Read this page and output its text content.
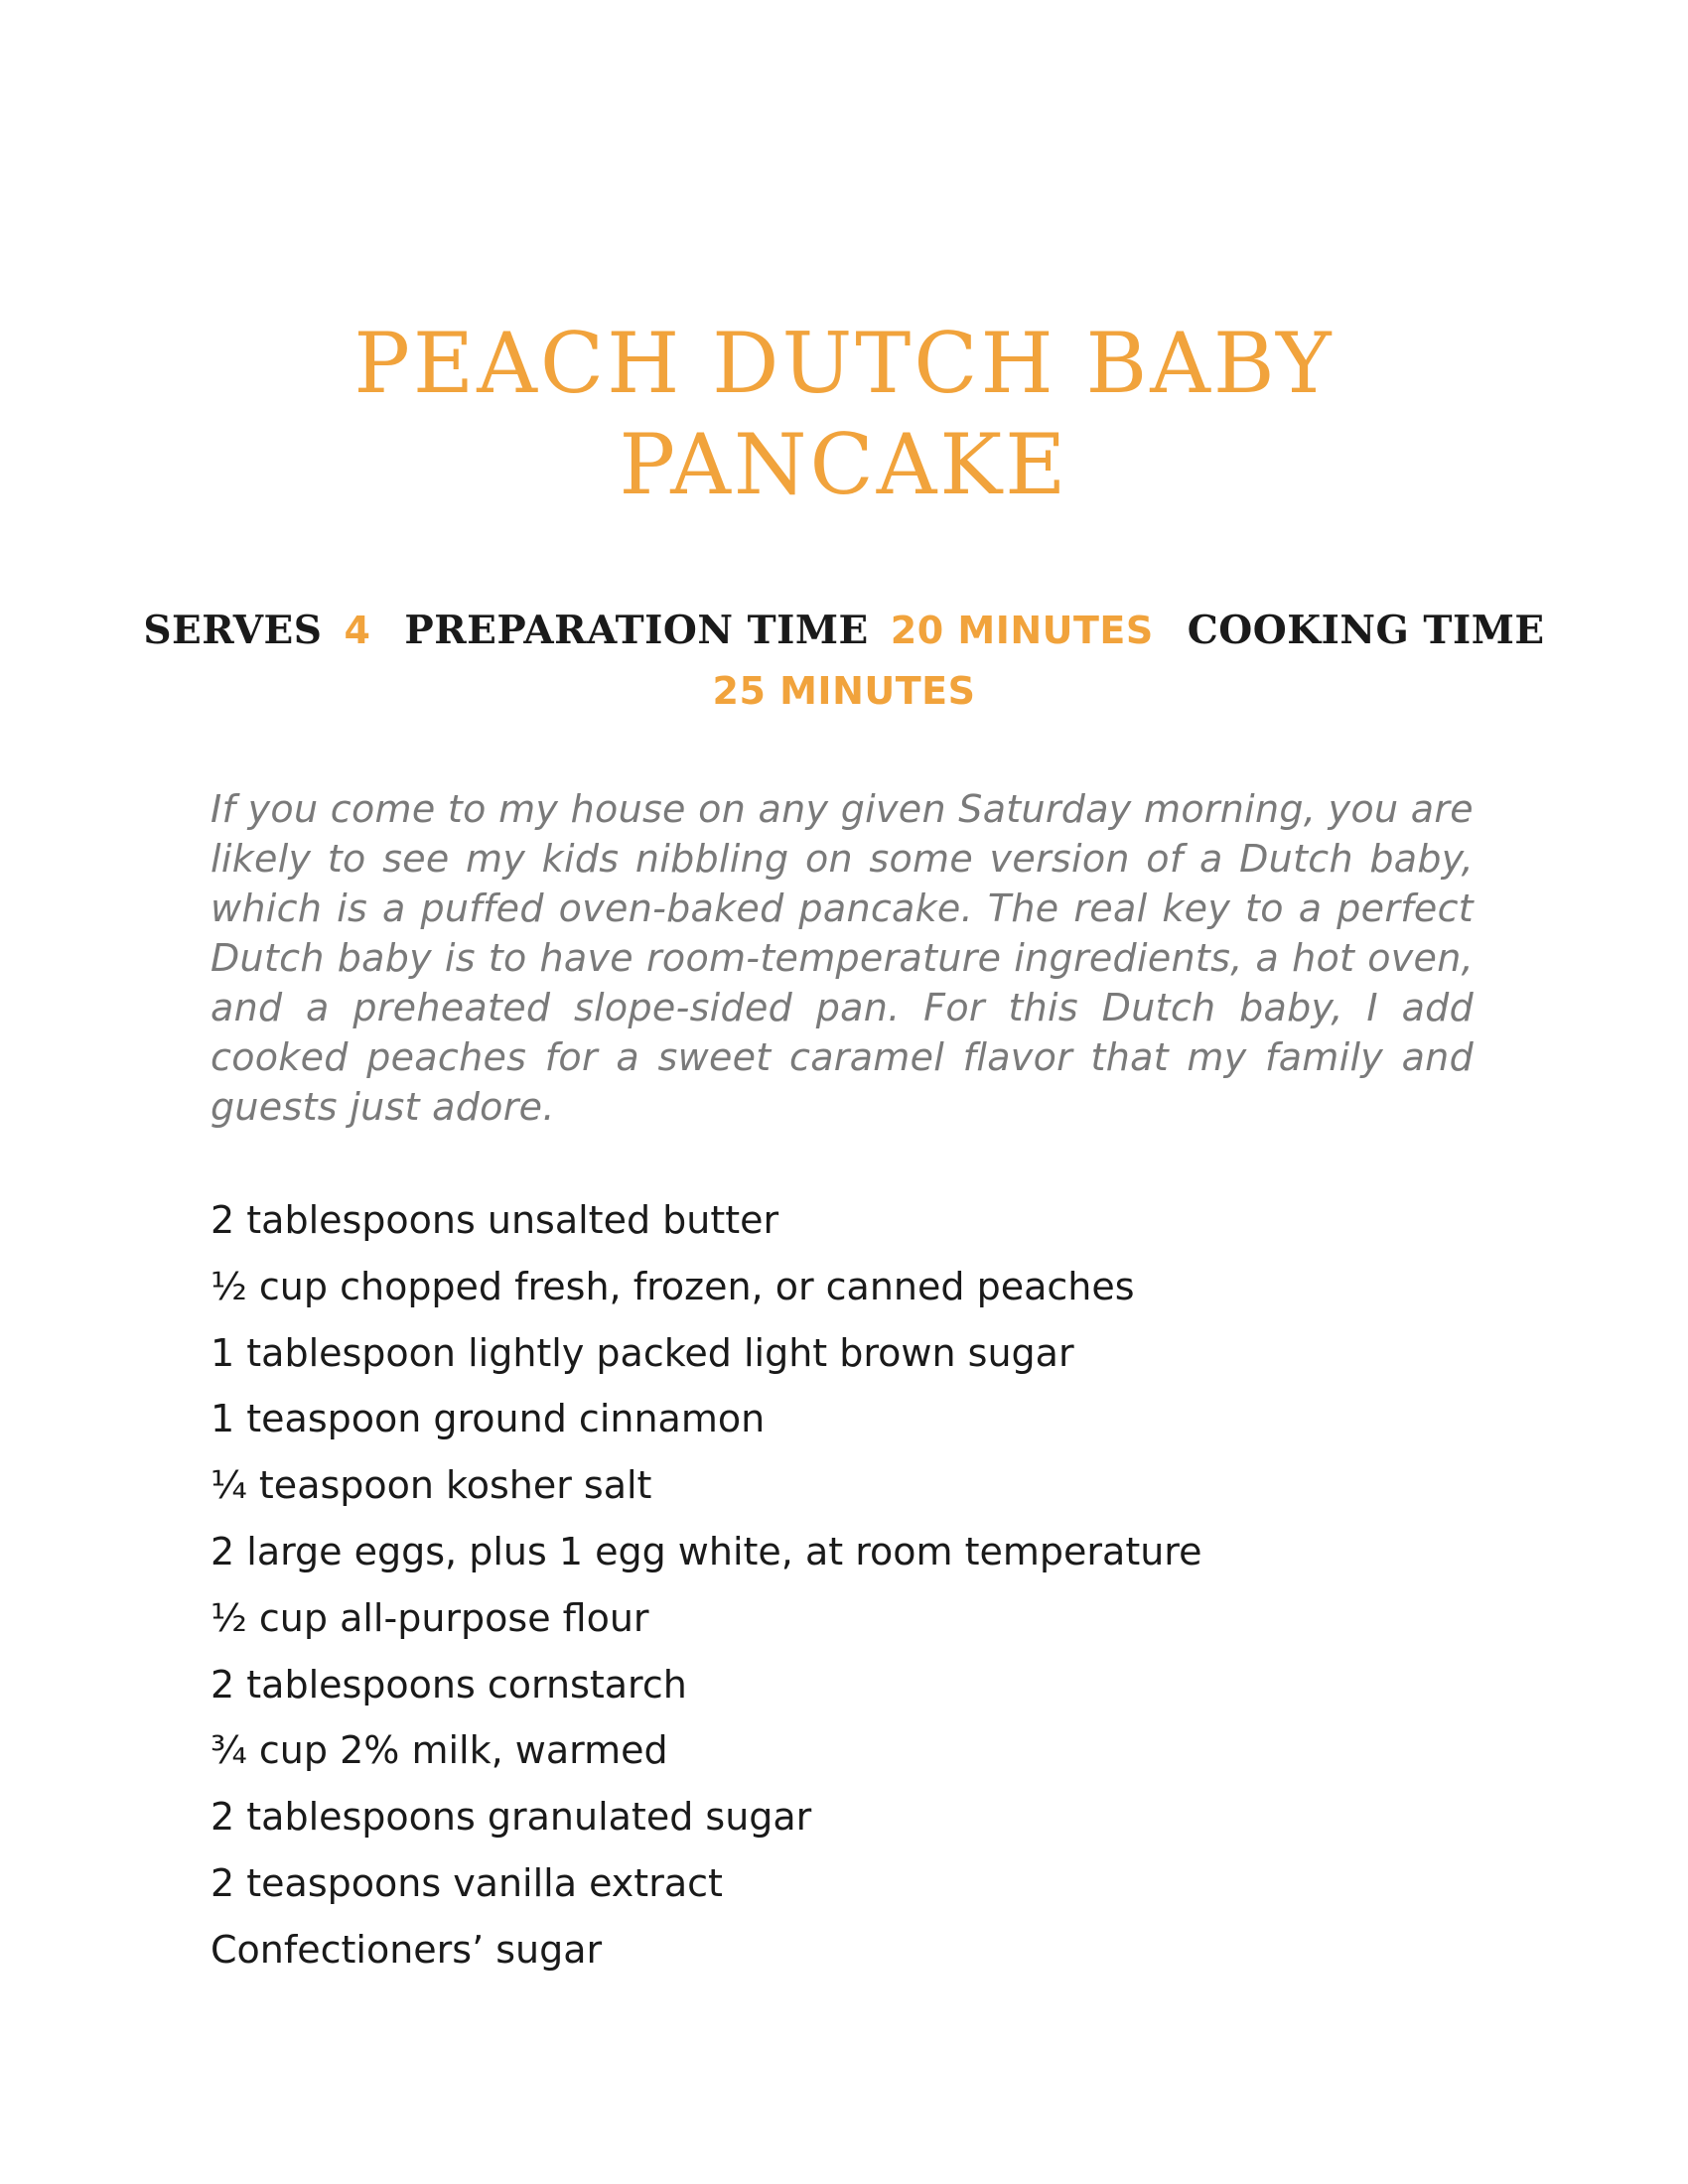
PEACH DUTCH BABY
PANCAKE
SERVES 4 PREPARATION TIME 20 MINUTES COOKING TIME
25 MINUTES

If you come to my house on any given Saturday morning, you are likely to see my kids nibbling on some version of a Dutch baby, which is a puffed oven-baked pancake. The real key to a perfect Dutch baby is to have room-temperature ingredients, a hot oven, and a preheated slope-sided pan. For this Dutch baby, I add cooked peaches for a sweet caramel flavor that my family and guests just adore.

2 tablespoons unsalted butter
½ cup chopped fresh, frozen, or canned peaches
1 tablespoon lightly packed light brown sugar
1 teaspoon ground cinnamon
¼ teaspoon kosher salt
2 large eggs, plus 1 egg white, at room temperature
½ cup all-purpose flour
2 tablespoons cornstarch
¾ cup 2% milk, warmed
2 tablespoons granulated sugar
2 teaspoons vanilla extract
Confectioners’ sugar
